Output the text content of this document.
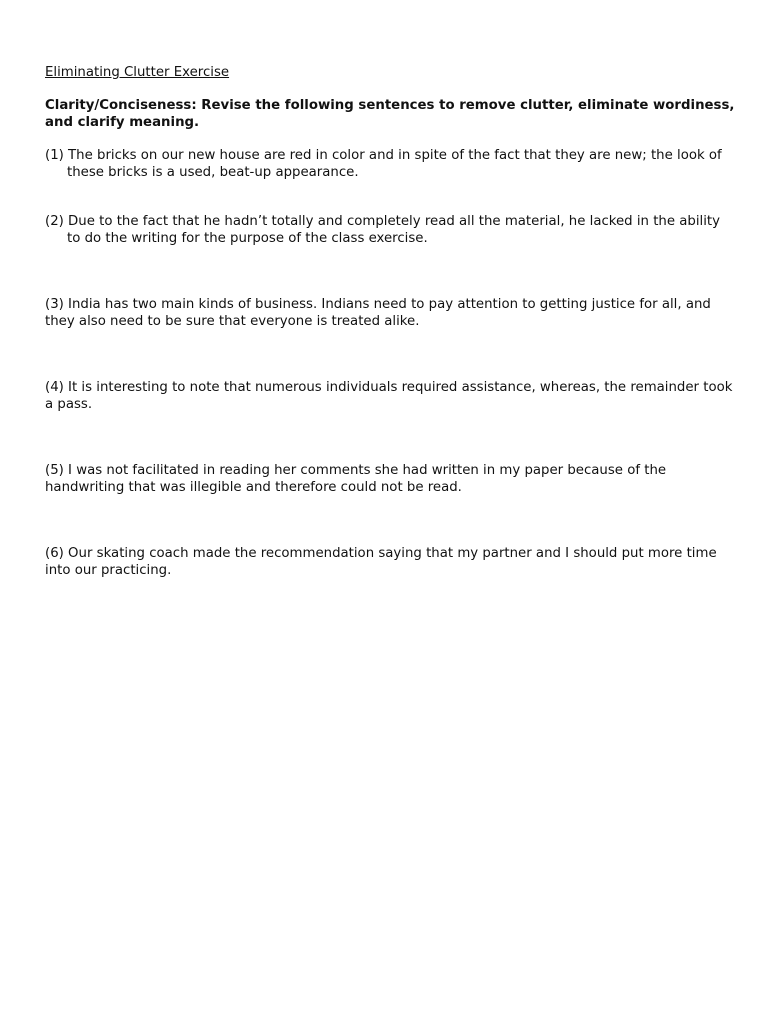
Eliminating Clutter Exercise

Clarity/Conciseness: Revise the following sentences to remove clutter, eliminate wordiness, and clarify meaning.

(1) The bricks on our new house are red in color and in spite of the fact that they are new; the look of these bricks is a used, beat-up appearance.

(2) Due to the fact that he hadn’t totally and completely read all the material, he lacked in the ability to do the writing for the purpose of the class exercise.

(3) India has two main kinds of business. Indians need to pay attention to getting justice for all, and they also need to be sure that everyone is treated alike.

(4) It is interesting to note that numerous individuals required assistance, whereas, the remainder took a pass.

(5) I was not facilitated in reading her comments she had written in my paper because of the handwriting that was illegible and therefore could not be read.

(6) Our skating coach made the recommendation saying that my partner and I should put more time into our practicing.
